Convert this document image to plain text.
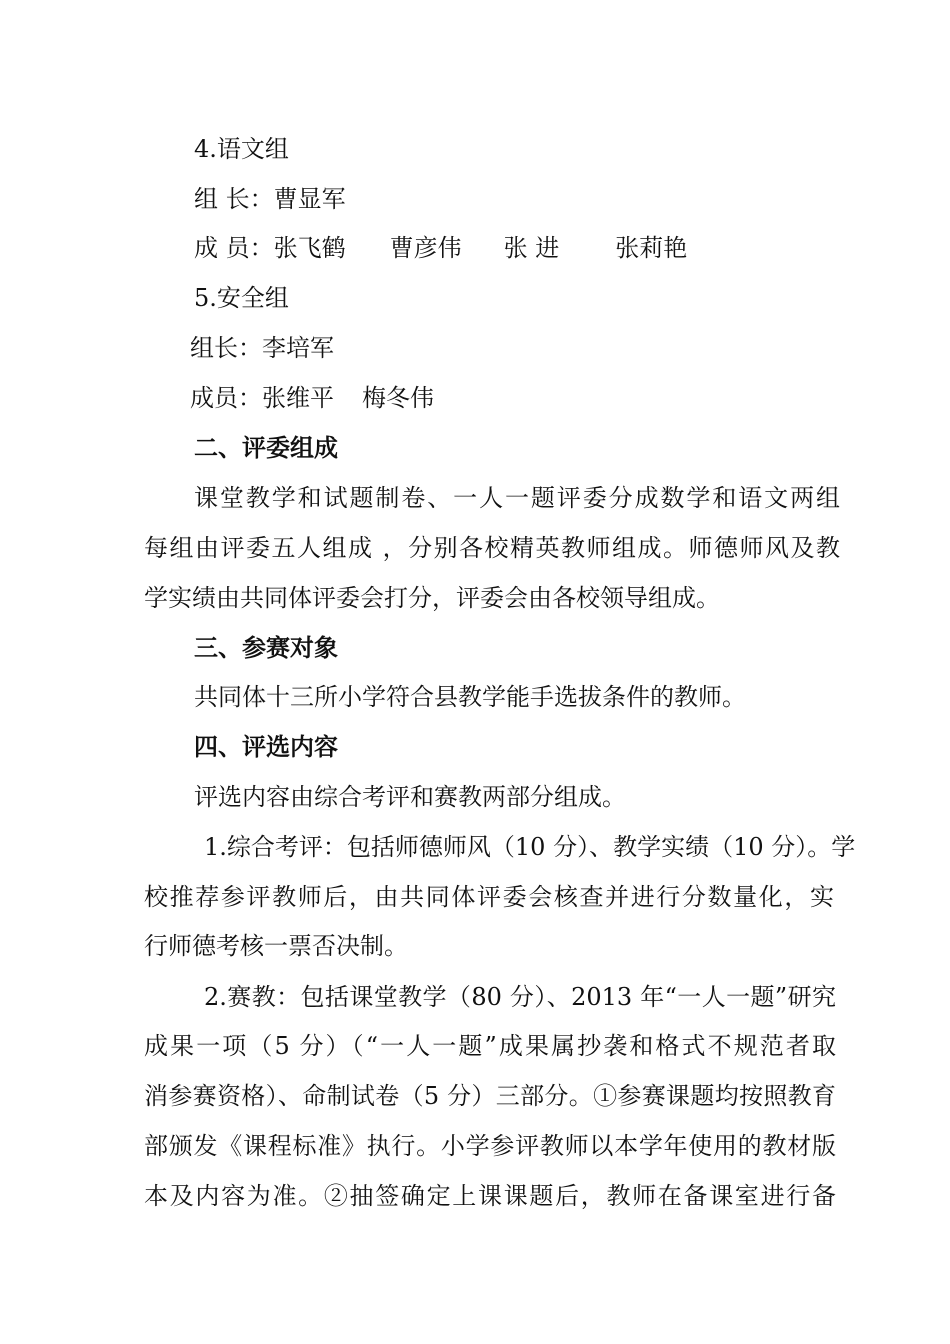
4.语文组

组 长：曹显军

成 员：张飞鹤 曹彦伟 张 进 张莉艳

5.安全组

组长：李培军

成员：张维平 梅冬伟

二、评委组成

课堂教学和试题制卷、一人一题评委分成数学和语文两组

每组由评委五人组成 ，分别各校精英教师组成。师德师风及教

学实绩由共同体评委会打分，评委会由各校领导组成。

三、参赛对象

共同体十三所小学符合县教学能手选拔条件的教师。

四、评选内容

评选内容由综合考评和赛教两部分组成。

1.综合考评：包括师德师风（10 分）、教学实绩（10 分）。学

校推荐参评教师后，由共同体评委会核查并进行分数量化，实

行师德考核一票否决制。

2.赛教：包括课堂教学（80 分）、2013 年“一人一题”研究

成果一项（5 分）（“一人一题”成果属抄袭和格式不规范者取

消参赛资格）、命制试卷（5 分）三部分。①参赛课题均按照教育

部颁发《课程标准》执行。小学参评教师以本学年使用的教材版

本及内容为准。②抽签确定上课课题后，教师在备课室进行备
